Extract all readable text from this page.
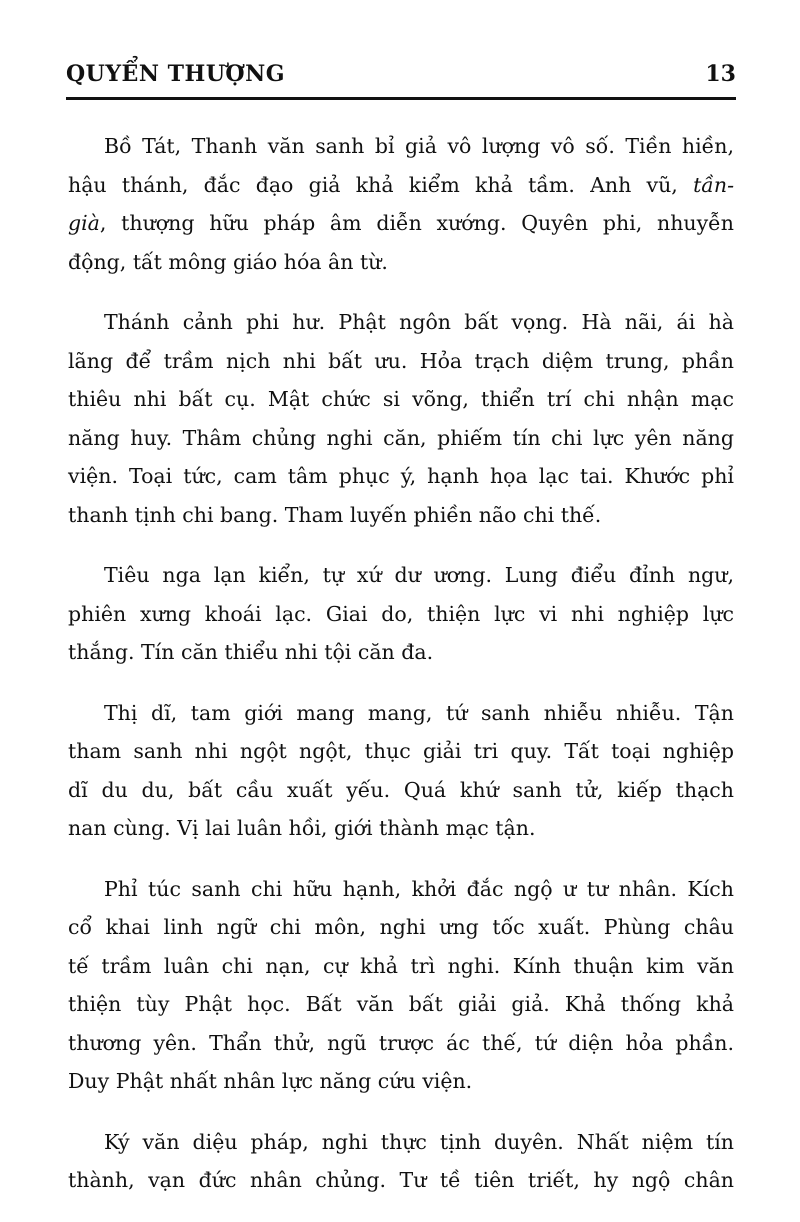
QUYỂN THƯỢNG	13
Bồ Tát, Thanh văn sanh bỉ giả vô lượng vô số. Tiền hiền,
hậu thánh, đắc đạo giả khả kiểm khả tầm. Anh vũ, tần-
già, thượng hữu pháp âm diễn xướng. Quyên phi, nhuyễn
động, tất mông giáo hóa ân từ.
Thánh cảnh phi hư. Phật ngôn bất vọng. Hà nãi, ái hà
lãng để trầm nịch nhi bất ưu. Hỏa trạch diệm trung, phần
thiêu nhi bất cụ. Mật chức si võng, thiển trí chi nhận mạc
năng huy. Thâm chủng nghi căn, phiếm tín chi lực yên năng
viện. Toại tức, cam tâm phục ý, hạnh họa lạc tai. Khước phỉ
thanh tịnh chi bang. Tham luyến phiền não chi thế.
Tiêu nga lạn kiển, tự xứ dư ương. Lung điểu đỉnh ngư,
phiên xưng khoái lạc. Giai do, thiện lực vi nhi nghiệp lực
thắng. Tín căn thiểu nhi tội căn đa.
Thị dĩ, tam giới mang mang, tứ sanh nhiễu nhiễu. Tận
tham sanh nhi ngột ngột, thục giải tri quy. Tất toại nghiệp
dĩ du du, bất cầu xuất yếu. Quá khứ sanh tử, kiếp thạch
nan cùng. Vị lai luân hồi, giới thành mạc tận.
Phỉ túc sanh chi hữu hạnh, khởi đắc ngộ ư tư nhân. Kích
cổ khai linh ngữ chi môn, nghi ưng tốc xuất. Phùng châu
tế trầm luân chi nạn, cự khả trì nghi. Kính thuận kim văn
thiện tùy Phật học. Bất văn bất giải giả. Khả thống khả
thương yên. Thẩn thử, ngũ trược ác thế, tứ diện hỏa phần.
Duy Phật nhất nhân lực năng cứu viện.
Ký văn diệu pháp, nghi thực tịnh duyên. Nhất niệm tín
thành, vạn đức nhân chủng. Tư tề tiên triết, hy ngộ chân
